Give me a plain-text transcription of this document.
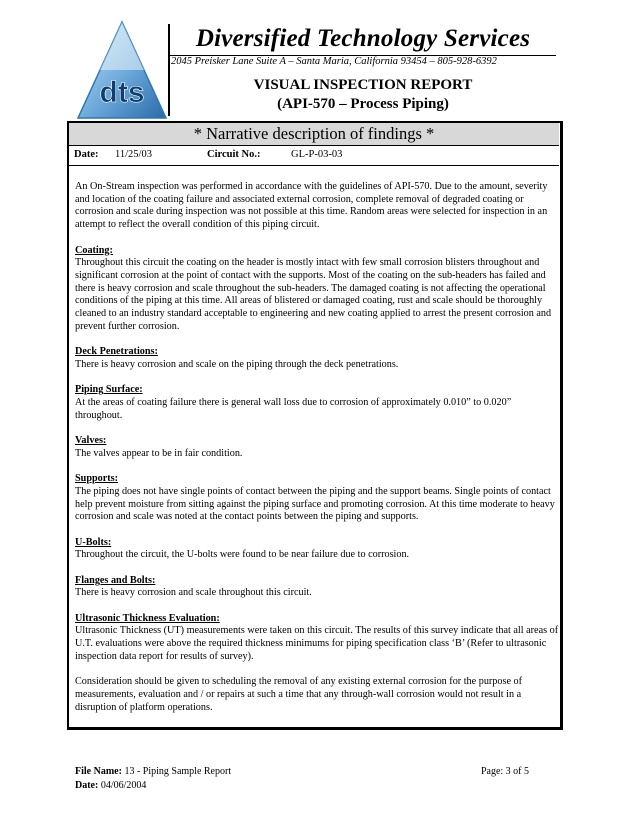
dts
Diversified Technology Services
2045 Preisker Lane Suite A – Santa Maria, California 93454 – 805-928-6392
VISUAL INSPECTION REPORT
(API-570 – Process Piping)
* Narrative description of findings *
Date: 11/25/03	Circuit No.:	GL-P-03-03

An On-Stream inspection was performed in accordance with the guidelines of API-570. Due to the amount, severity and location of the coating failure and associated external corrosion, complete removal of degraded coating or corrosion and scale during inspection was not possible at this time. Random areas were selected for inspection in an attempt to reflect the overall condition of this piping circuit.

Coating:
Throughout this circuit the coating on the header is mostly intact with few small corrosion blisters throughout and significant corrosion at the point of contact with the supports. Most of the coating on the sub-headers has failed and there is heavy corrosion and scale throughout the sub-headers. The damaged coating is not affecting the operational conditions of the piping at this time. All areas of blistered or damaged coating, rust and scale should be thoroughly cleaned to an industry standard acceptable to engineering and new coating applied to arrest the present corrosion and prevent further corrosion.

Deck Penetrations:
There is heavy corrosion and scale on the piping through the deck penetrations.

Piping Surface:
At the areas of coating failure there is general wall loss due to corrosion of approximately 0.010” to 0.020” throughout.

Valves:
The valves appear to be in fair condition.

Supports:
The piping does not have single points of contact between the piping and the support beams. Single points of contact help prevent moisture from sitting against the piping surface and promoting corrosion. At this time moderate to heavy corrosion and scale was noted at the contact points between the piping and supports.

U-Bolts:
Throughout the circuit, the U-bolts were found to be near failure due to corrosion.

Flanges and Bolts:
There is heavy corrosion and scale throughout this circuit.

Ultrasonic Thickness Evaluation:
Ultrasonic Thickness (UT) measurements were taken on this circuit. The results of this survey indicate that all areas of U.T. evaluations were above the required thickness minimums for piping specification class ‘B’ (Refer to ultrasonic inspection data report for results of survey).

Consideration should be given to scheduling the removal of any existing external corrosion for the purpose of measurements, evaluation and / or repairs at such a time that any through-wall corrosion would not result in a disruption of platform operations.

File Name: 13 - Piping Sample Report
Date: 04/06/2004
Page: 3 of 5
